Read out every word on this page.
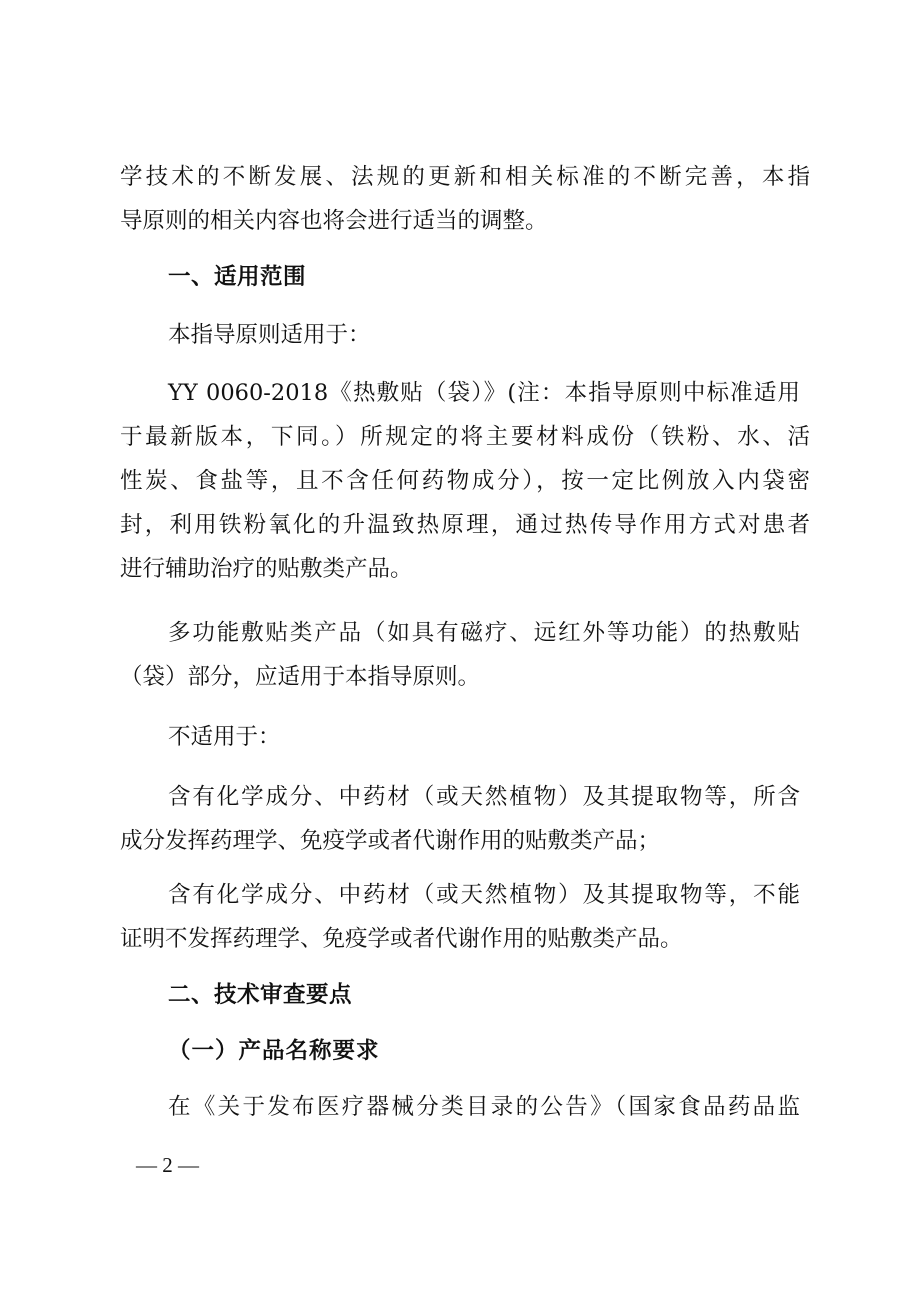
学技术的不断发展、法规的更新和相关标准的不断完善，本指
导原则的相关内容也将会进行适当的调整。
一、适用范围
本指导原则适用于：
YY 0060-2018《热敷贴（袋）》(注：本指导原则中标准适用
于最新版本，下同。）所规定的将主要材料成份（铁粉、水、活
性炭、食盐等，且不含任何药物成分），按一定比例放入内袋密
封，利用铁粉氧化的升温致热原理，通过热传导作用方式对患者
进行辅助治疗的贴敷类产品。
多功能敷贴类产品（如具有磁疗、远红外等功能）的热敷贴
（袋）部分，应适用于本指导原则。
不适用于：
含有化学成分、中药材（或天然植物）及其提取物等，所含
成分发挥药理学、免疫学或者代谢作用的贴敷类产品；
含有化学成分、中药材（或天然植物）及其提取物等，不能
证明不发挥药理学、免疫学或者代谢作用的贴敷类产品。
二、技术审查要点
（一）产品名称要求
在《关于发布医疗器械分类目录的公告》（国家食品药品监
— 2 —
